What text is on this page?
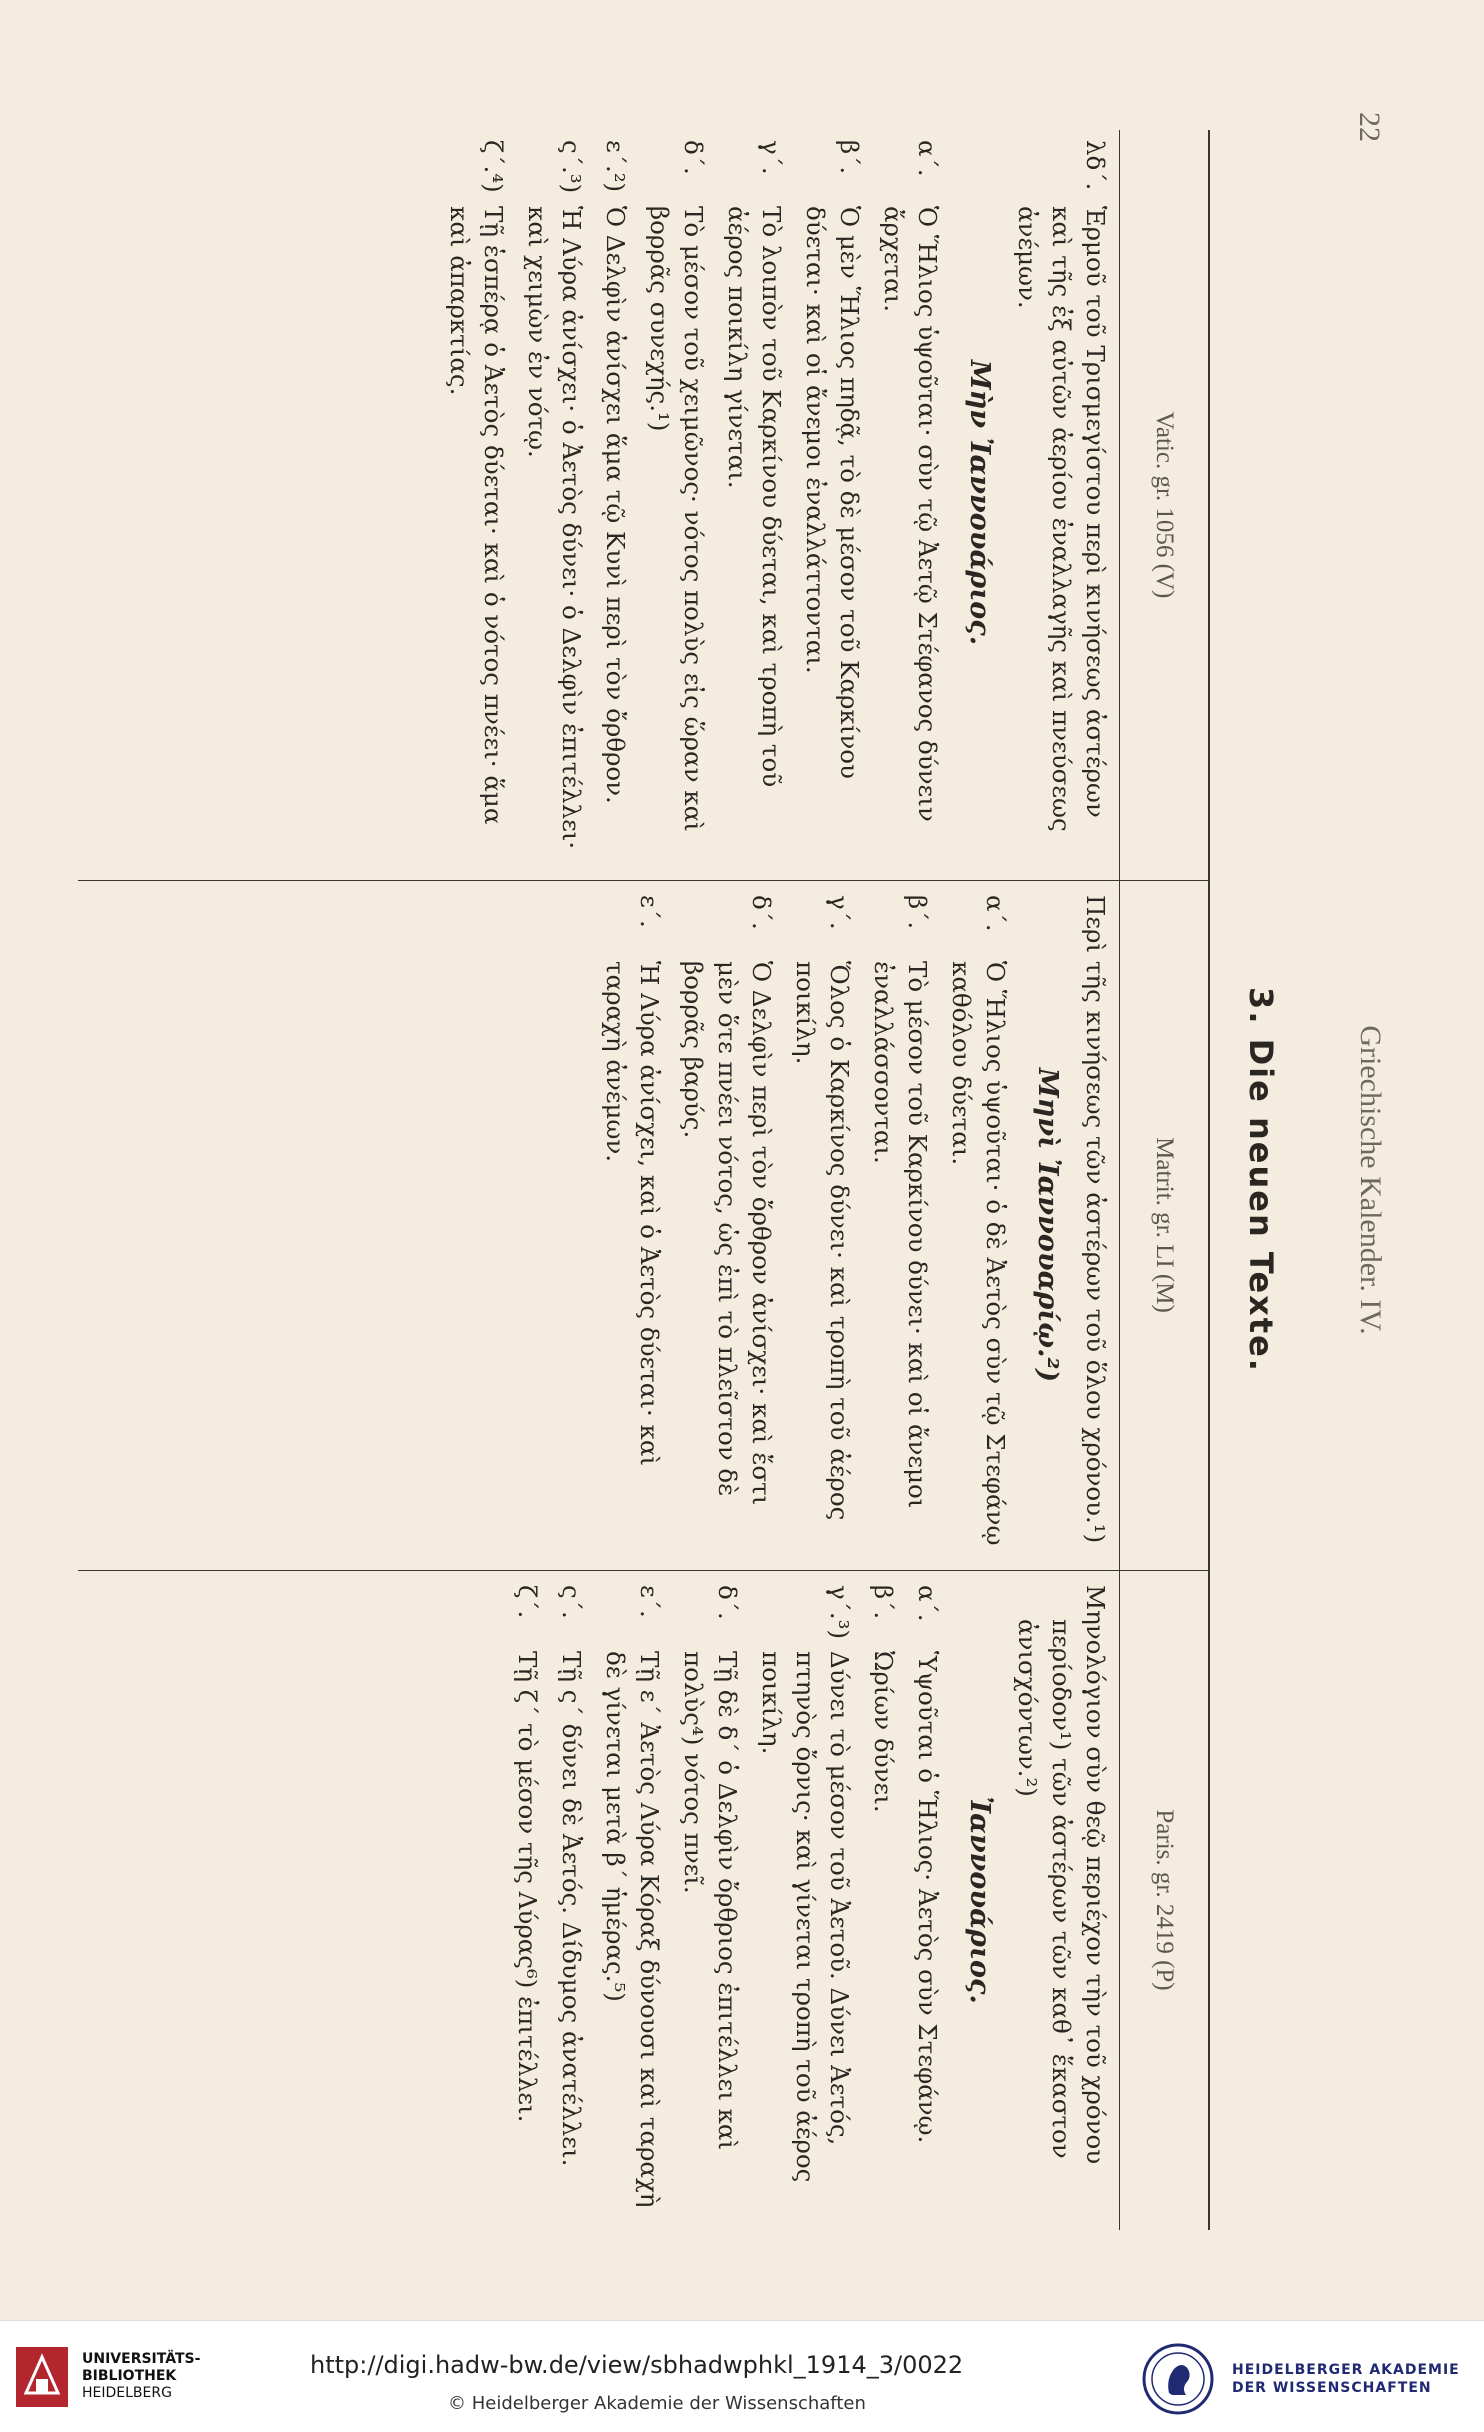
22
Griechische Kalender. IV.
3. Die neuen Texte.
Vatic. gr. 1056 (V)
Matrit. gr. LI (M)
Paris. gr. 2419 (P)
λδ΄.
Ἑρμοῦ τοῦ Τρισμεγίστου περὶ κινήσεως ἀστέρων καὶ τῆς ἐξ αὐτῶν ἀερίου ἐναλλαγῆς καὶ πνεύσεως ἀνέμων.
Μὴν Ἰαννουάριος.
α΄.
Ὁ Ἥλιος ὑψοῦται· σὺν τῷ Ἀετῷ Στέφανος δύνειν ἄρχεται.
β΄.
Ὁ μὲν Ἥλιος πηδᾷ, τὸ δὲ μέσον τοῦ Καρκίνου δύεται· καὶ οἱ ἄνεμοι ἐναλλάττονται.
γ΄.
Τὸ λοιπὸν τοῦ Καρκίνου δύεται, καὶ τροπὴ τοῦ ἀέρος ποικίλη γίνεται.
δ΄.
Τὸ μέσον τοῦ χειμῶνος· νότος πολὺς εἰς ὥραν καὶ βορρᾶς συνεχής.¹)
ε΄.²)
Ὁ Δελφὶν ἀνίσχει ἅμα τῷ Κυνὶ περὶ τὸν ὄρθρον.
ς΄.³)
Ἡ Λύρα ἀνίσχει· ὁ Ἀετὸς δύνει· ὁ Δελφὶν ἐπιτέλλει· καὶ χειμὼν ἐν νότῳ.
ζ΄.⁴)
Τῇ ἑσπέρᾳ ὁ Ἀετὸς δύεται· καὶ ὁ νότος πνέει· ἅμα καὶ ἀπαρκτίας.
Περὶ τῆς κινήσεως τῶν ἀστέρων τοῦ ὅλου χρόνου.¹)
Μηνὶ Ἰαννουαρίῳ.²)
α΄.
Ὁ Ἥλιος ὑψοῦται· ὁ δὲ Ἀετὸς σὺν τῷ Στεφάνῳ καθόλου δύεται.
β΄.
Τὸ μέσον τοῦ Καρκίνου δύνει· καὶ οἱ ἄνεμοι ἐναλλάσσονται.
γ΄.
Ὅλος ὁ Καρκίνος δύνει· καὶ τροπὴ τοῦ ἀέρος ποικίλη.
δ΄.
Ὁ Δελφὶν περὶ τὸν ὄρθρον ἀνίσχει· καὶ ἔστι μὲν ὅτε πνέει νότος, ὡς ἐπὶ τὸ πλεῖστον δὲ βορρᾶς βαρύς.
ε΄.
Ἡ Λύρα ἀνίσχει, καὶ ὁ Ἀετὸς δύεται· καὶ ταραχὴ ἀνέμων.
Μηνολόγιον σὺν θεῷ περιέχον τὴν τοῦ χρόνου περίοδον¹) τῶν ἀστέρων τῶν καθ᾽ ἕκαστον ἀνισχόντων.²)
Ἰαννουάριος.
α΄.
Ὑψοῦται ὁ Ἥλιος· Ἀετὸς σὺν Στεφάνῳ.
β΄.
Ὠρίων δύνει.
γ΄.³)
Δύνει τὸ μέσον τοῦ Ἀετοῦ. Δύνει Ἀετός, πτηνὸς ὄρνις· καὶ γίνεται τροπὴ τοῦ ἀέρος ποικίλη.
δ΄.
Τῇ δὲ δ΄ ὁ Δελφὶν ὄρθριος ἐπιτέλλει καὶ πολὺς⁴) νότος πνεῖ.
ε΄.
Τῇ ε΄ Ἀετὸς Λύρα Κόραξ δύνουσι καὶ ταραχὴ δὲ γίνεται μετὰ β΄ ἡμέρας.⁵)
ς΄.
Τῇ ς΄ δύνει δὲ Ἀετός. Δίδυμος ἀνατέλλει.
ζ΄.
Τῇ ζ΄ τὸ μέσον τῆς Λύρας⁶) ἐπιτέλλει.
UNIVERSITÄTS-
BIBLIOTHEK
HEIDELBERG
http://digi.hadw-bw.de/view/sbhadwphkl_1914_3/0022
© Heidelberger Akademie der Wissenschaften
HEIDELBERGER AKADEMIE
DER WISSENSCHAFTEN
